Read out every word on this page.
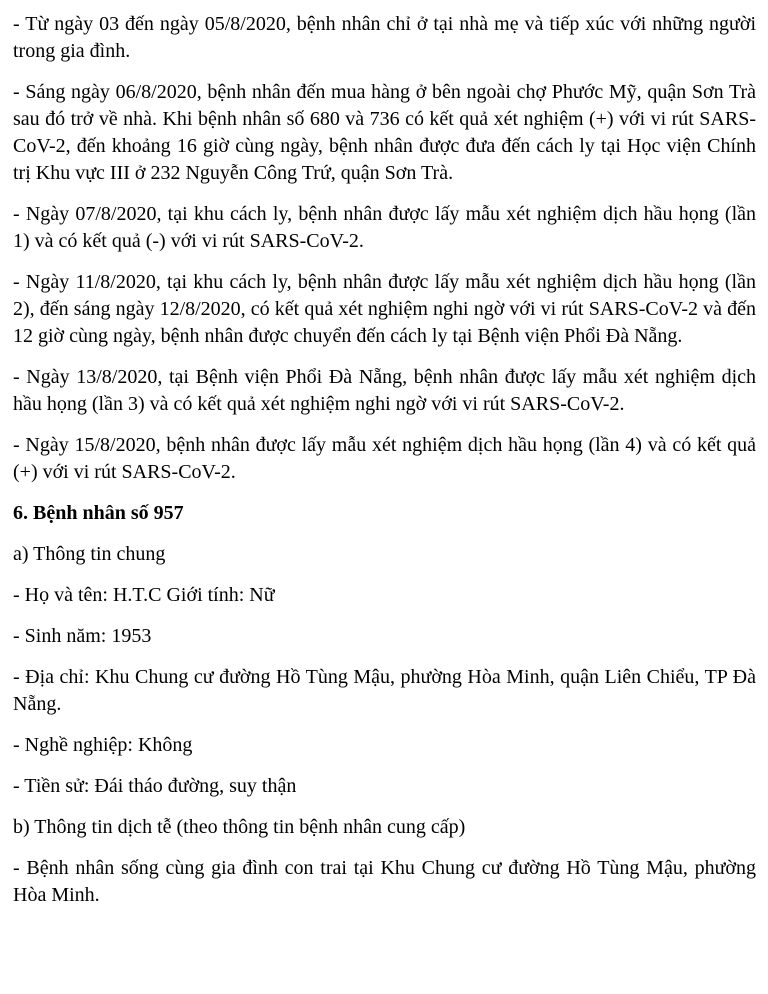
- Từ ngày 03 đến ngày 05/8/2020, bệnh nhân chỉ ở tại nhà mẹ và tiếp xúc với những người trong gia đình.

- Sáng ngày 06/8/2020, bệnh nhân đến mua hàng ở bên ngoài chợ Phước Mỹ, quận Sơn Trà sau đó trở về nhà. Khi bệnh nhân số 680 và 736 có kết quả xét nghiệm (+) với vi rút SARS-CoV-2, đến khoảng 16 giờ cùng ngày, bệnh nhân được đưa đến cách ly tại Học viện Chính trị Khu vực III ở 232 Nguyễn Công Trứ, quận Sơn Trà.

- Ngày 07/8/2020, tại khu cách ly, bệnh nhân được lấy mẫu xét nghiệm dịch hầu họng (lần 1) và có kết quả (-) với vi rút SARS-CoV-2.

- Ngày 11/8/2020, tại khu cách ly, bệnh nhân được lấy mẫu xét nghiệm dịch hầu họng (lần 2), đến sáng ngày 12/8/2020, có kết quả xét nghiệm nghi ngờ với vi rút SARS-CoV-2 và đến 12 giờ cùng ngày, bệnh nhân được chuyển đến cách ly tại Bệnh viện Phổi Đà Nẵng.

- Ngày 13/8/2020, tại Bệnh viện Phổi Đà Nẵng, bệnh nhân được lấy mẫu xét nghiệm dịch hầu họng (lần 3) và có kết quả xét nghiệm nghi ngờ với vi rút SARS-CoV-2.

- Ngày 15/8/2020, bệnh nhân được lấy mẫu xét nghiệm dịch hầu họng (lần 4) và có kết quả (+) với vi rút SARS-CoV-2.

6. Bệnh nhân số 957

a) Thông tin chung

- Họ và tên: H.T.C Giới tính: Nữ

- Sinh năm: 1953

- Địa chỉ: Khu Chung cư đường Hồ Tùng Mậu, phường Hòa Minh, quận Liên Chiểu, TP Đà Nẵng.

- Nghề nghiệp: Không

- Tiền sử: Đái tháo đường, suy thận

b) Thông tin dịch tễ (theo thông tin bệnh nhân cung cấp)

- Bệnh nhân sống cùng gia đình con trai tại Khu Chung cư đường Hồ Tùng Mậu, phường Hòa Minh.
